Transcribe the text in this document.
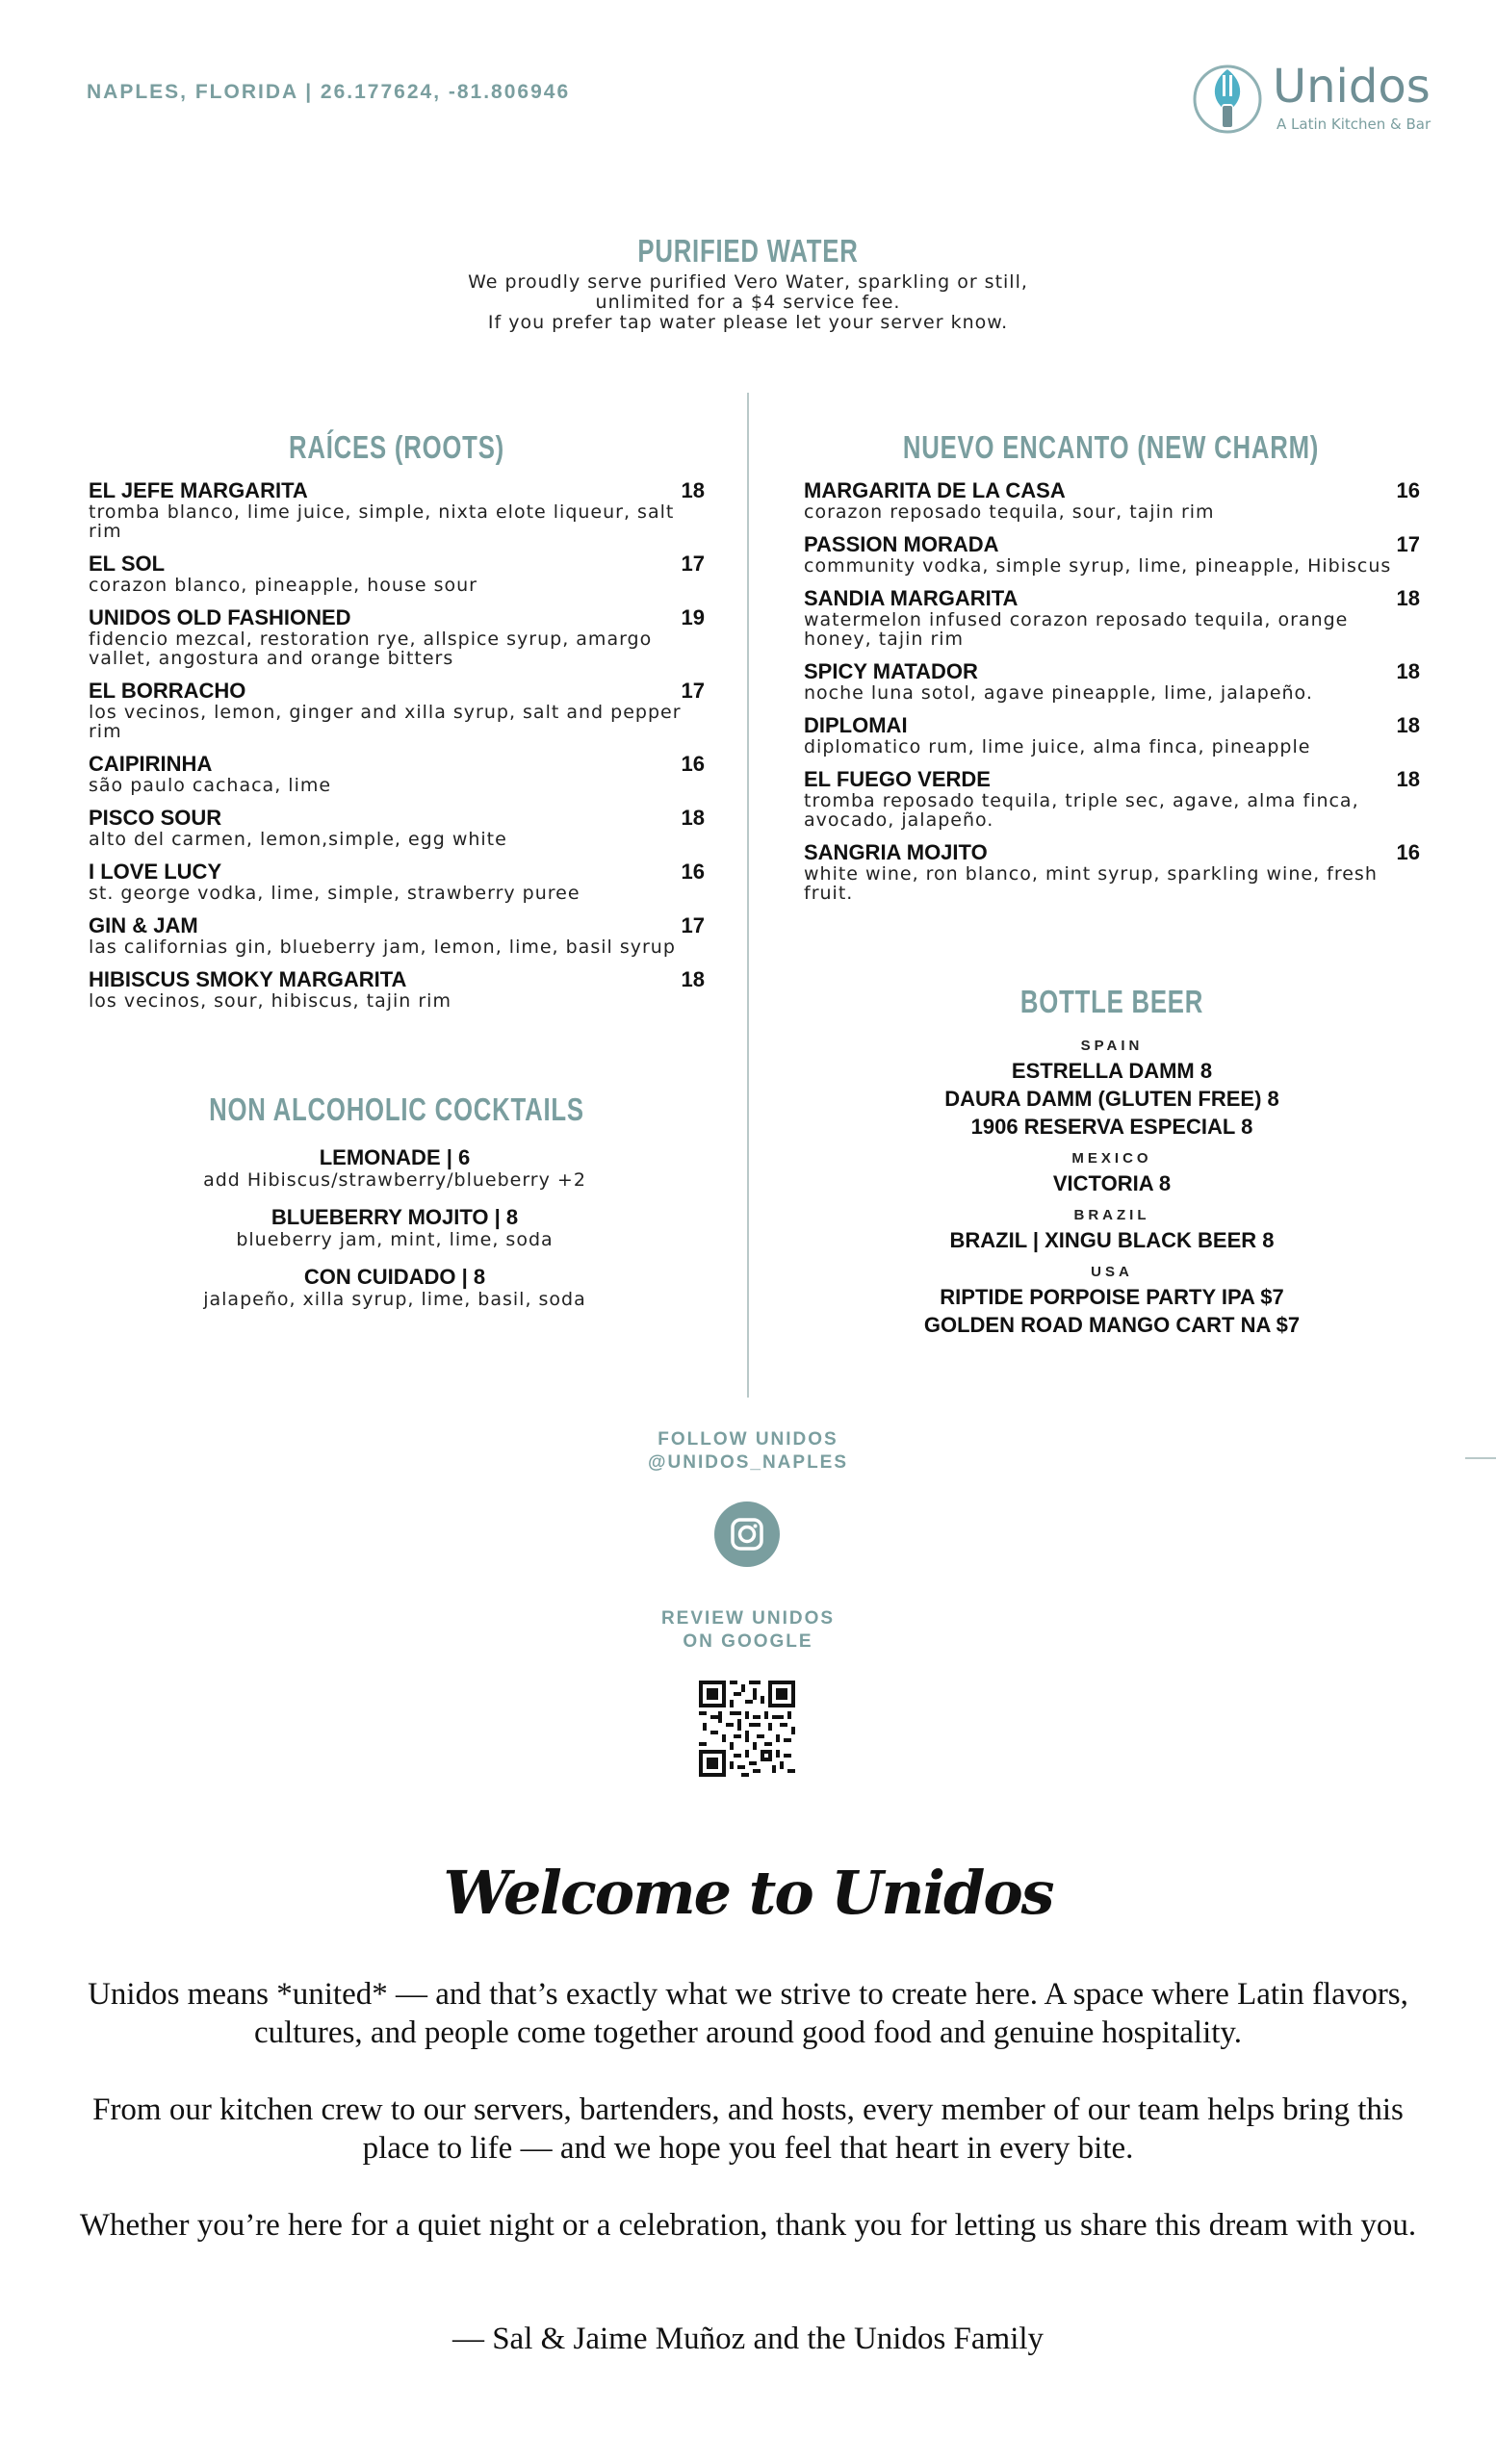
NAPLES, FLORIDA | 26.177624, -81.806946	Unidos
A Latin Kitchen & Bar
PURIFIED WATER
We proudly serve purified Vero Water, sparkling or still,
unlimited for a $4 service fee.
If you prefer tap water please let your server know.
RAÍCES (ROOTS)
EL JEFE MARGARITA	18
tromba blanco, lime juice, simple, nixta elote liqueur, salt rim
EL SOL	17
corazon blanco, pineapple, house sour
UNIDOS OLD FASHIONED	19
fidencio mezcal, restoration rye, allspice syrup, amargo vallet, angostura and orange bitters
EL BORRACHO	17
los vecinos, lemon, ginger and xilla syrup, salt and pepper rim
CAIPIRINHA	16
são paulo cachaca, lime
PISCO SOUR	18
alto del carmen, lemon,simple, egg white
I LOVE LUCY	16
st. george vodka, lime, simple, strawberry puree
GIN & JAM	17
las californias gin, blueberry jam, lemon, lime, basil syrup
HIBISCUS SMOKY MARGARITA	18
los vecinos, sour, hibiscus, tajin rim
NUEVO ENCANTO (NEW CHARM)
MARGARITA DE LA CASA	16
corazon reposado tequila, sour, tajin rim
PASSION MORADA	17
community vodka, simple syrup, lime, pineapple, Hibiscus
SANDIA MARGARITA	18
watermelon infused corazon reposado tequila, orange honey, tajin rim
SPICY MATADOR	18
noche luna sotol, agave pineapple, lime, jalapeño.
DIPLOMAI	18
diplomatico rum, lime juice, alma finca, pineapple
EL FUEGO VERDE	18
tromba reposado tequila, triple sec, agave, alma finca, avocado, jalapeño.
SANGRIA MOJITO	16
white wine, ron blanco, mint syrup, sparkling wine, fresh fruit.
NON ALCOHOLIC COCKTAILS
LEMONADE | 6
add Hibiscus/strawberry/blueberry +2
BLUEBERRY MOJITO | 8
blueberry jam, mint, lime, soda
CON CUIDADO | 8
jalapeño, xilla syrup, lime, basil, soda
BOTTLE BEER
SPAIN
ESTRELLA DAMM 8
DAURA DAMM (GLUTEN FREE) 8
1906 RESERVA ESPECIAL 8
MEXICO
VICTORIA 8
BRAZIL
BRAZIL | XINGU BLACK BEER 8
USA
RIPTIDE PORPOISE PARTY IPA $7
GOLDEN ROAD MANGO CART NA $7
FOLLOW UNIDOS
@UNIDOS_NAPLES
REVIEW UNIDOS
ON GOOGLE
Welcome to Unidos
Unidos means *united* — and that’s exactly what we strive to create here. A space where Latin flavors, cultures, and people come together around good food and genuine hospitality.
From our kitchen crew to our servers, bartenders, and hosts, every member of our team helps bring this place to life — and we hope you feel that heart in every bite.
Whether you’re here for a quiet night or a celebration, thank you for letting us share this dream with you.
— Sal & Jaime Muñoz and the Unidos Family
